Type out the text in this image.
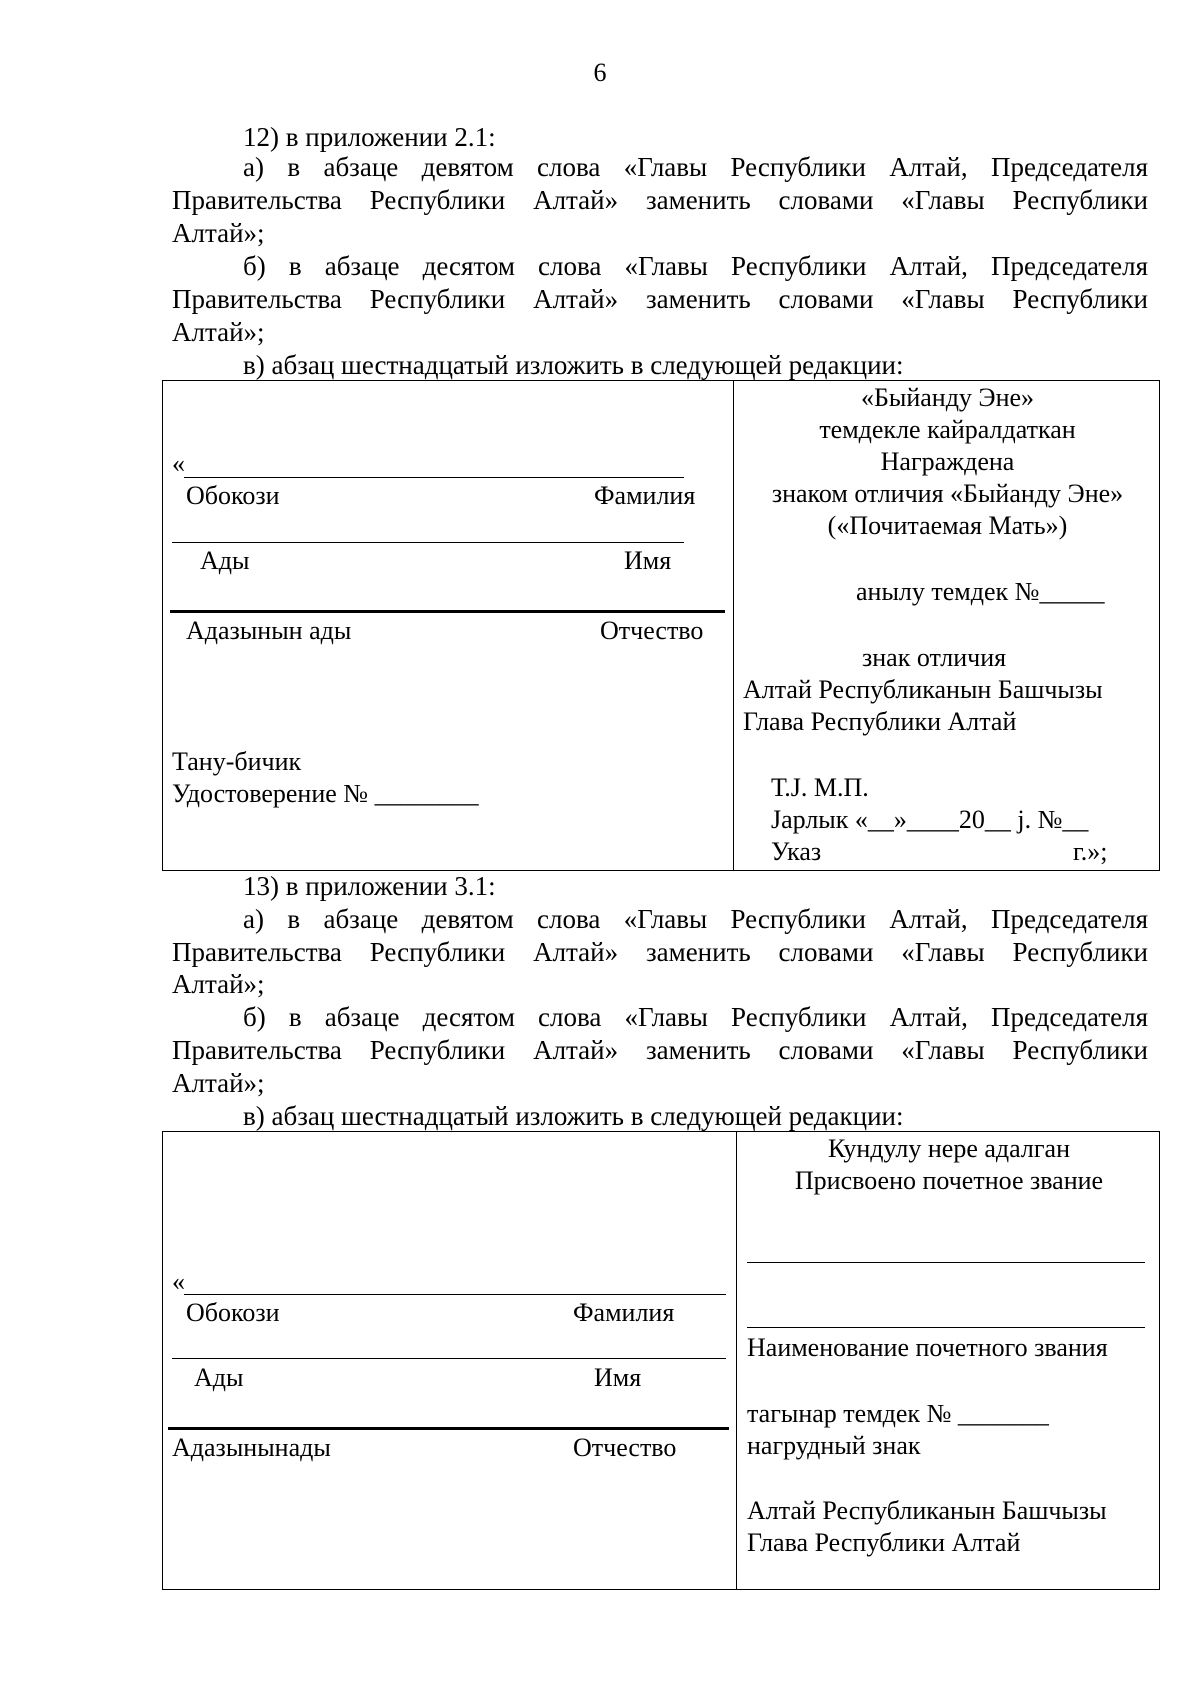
6
12) в приложении 2.1:
а) в абзаце девятом слова «Главы Республики Алтай, Председателя
Правительства Республики Алтай» заменить словами «Главы Республики
Алтай»;
б) в абзаце десятом слова «Главы Республики Алтай, Председателя
Правительства Республики Алтай» заменить словами «Главы Республики
Алтай»;
в) абзац шестнадцатый изложить в следующей редакции:
«
Обокози	Фамилия
Ады	Имя
Адазынын ады	Отчество
Тану-бичик
Удостоверение № ________
«Быйанду Эне»
темдекле кайралдаткан
Награждена
знаком отличия «Быйанду Эне»
(«Почитаемая Мать»)
анылу темдек №_____
знак отличия
Алтай Республиканын Башчызы
Глава Республики Алтай
Т.J. М.П.
Jарлык «__»____20__ j. №__
Указ	г.»;
13) в приложении 3.1:
а) в абзаце девятом слова «Главы Республики Алтай, Председателя
Правительства Республики Алтай» заменить словами «Главы Республики
Алтай»;
б) в абзаце десятом слова «Главы Республики Алтай, Председателя
Правительства Республики Алтай» заменить словами «Главы Республики
Алтай»;
в) абзац шестнадцатый изложить в следующей редакции:
«
Обокози	Фамилия
Ады	Имя
Адазынынады	Отчество
Кундулу нере адалган
Присвоено почетное звание
Наименование почетного звания
тагынар темдек № _______
нагрудный знак
Алтай Республиканын Башчызы
Глава Республики Алтай
